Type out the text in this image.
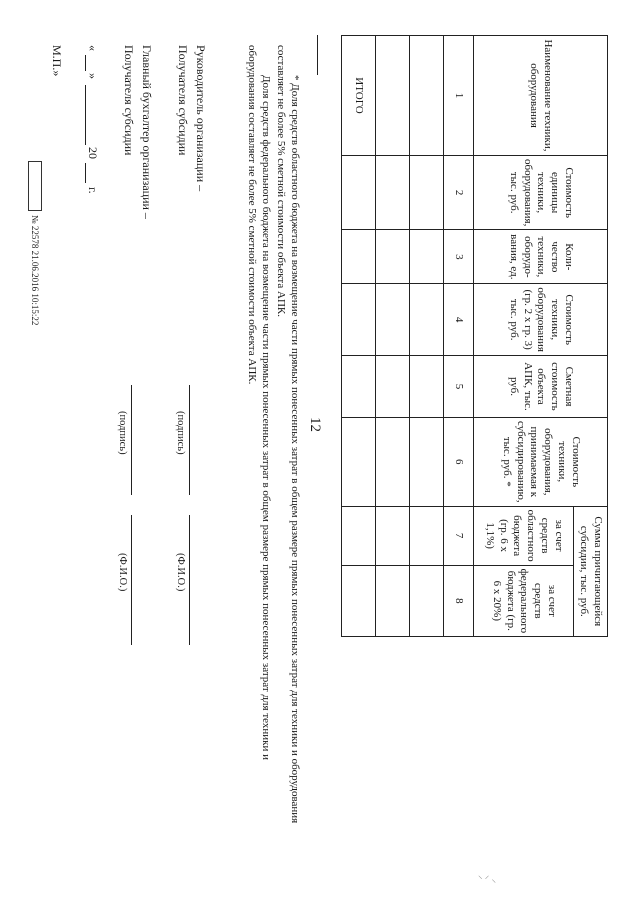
12
Наименование техники, оборудования	Стоимость единицы техники, оборудования, тыс. руб.	Коли-чество техники, оборудо-вания, ед.	Стоимость техники, оборудования (гр. 2 х гр. 3) тыс. руб.	Сметная стоимость объекта АПК, тыс. руб.	Стоимость техники, оборудования, принимаемая к субсидированию, тыс. руб. *	Сумма причитающейся субсидии, тыс. руб.	
						за счет средств областного бюджета (гр. 6 х 1,1%)	за счет средств федерального бюджета (гр. 6 х 20%)
1	2	3	4	5	6	7	8

ИТОГО							

* Доля средств областного бюджета на возмещение части прямых понесенных затрат в общем размере прямых понесенных затрат для техники и оборудования составляет не более 5% сметной стоимости объекта АПК.

Доля средств федерального бюджета на возмещение части прямых понесенных затрат в общем размере прямых понесенных затрат для техники и оборудования составляет не более 5% сметной стоимости объекта АПК.

Руководитель организации –
Получателя субсидии
(подпись)
(Ф.И.О.)
Главный бухгалтер организации –
Получателя субсидии
(подпись)
(Ф.И.О.)
«
»
20
г.
М.П.»
№ 22578 21.06.2016 10:15:22
⸌ ⸍ ⸜
